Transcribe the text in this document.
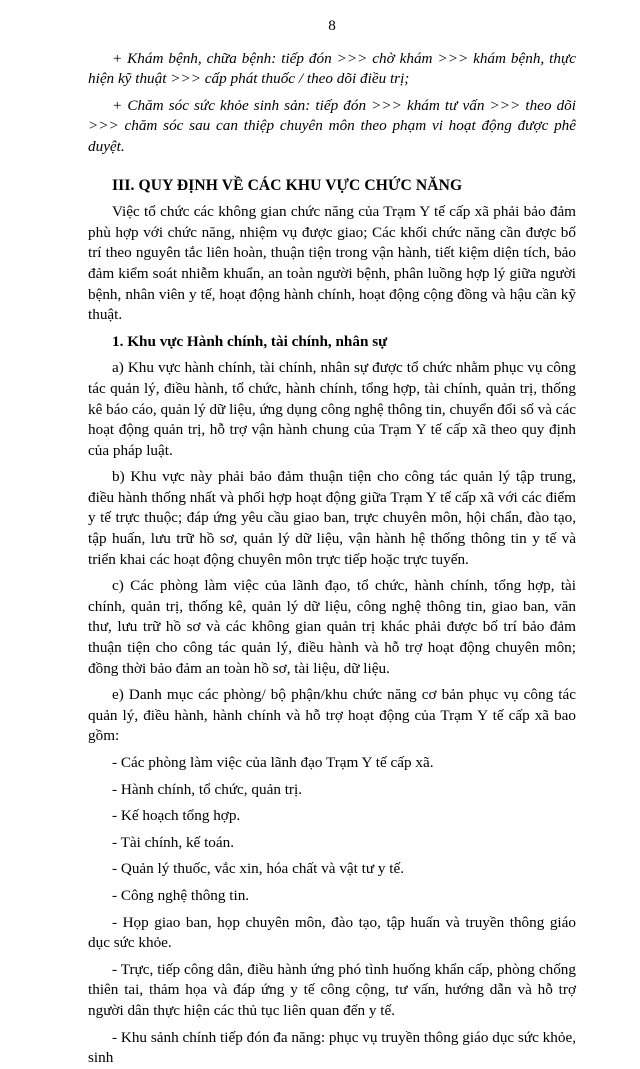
8

+ Khám bệnh, chữa bệnh: tiếp đón >>> chờ khám >>> khám bệnh, thực hiện kỹ thuật >>> cấp phát thuốc / theo dõi điều trị;

+ Chăm sóc sức khỏe sinh sản: tiếp đón >>> khám tư vấn >>> theo dõi >>> chăm sóc sau can thiệp chuyên môn theo phạm vi hoạt động được phê duyệt.

III. QUY ĐỊNH VỀ CÁC KHU VỰC CHỨC NĂNG

Việc tổ chức các không gian chức năng của Trạm Y tế cấp xã phải bảo đảm phù hợp với chức năng, nhiệm vụ được giao; Các khối chức năng cần được bố trí theo nguyên tắc liên hoàn, thuận tiện trong vận hành, tiết kiệm diện tích, bảo đảm kiểm soát nhiễm khuẩn, an toàn người bệnh, phân luồng hợp lý giữa người bệnh, nhân viên y tế, hoạt động hành chính, hoạt động cộng đồng và hậu cần kỹ thuật.

1. Khu vực Hành chính, tài chính, nhân sự

a) Khu vực hành chính, tài chính, nhân sự được tổ chức nhằm phục vụ công tác quản lý, điều hành, tổ chức, hành chính, tổng hợp, tài chính, quản trị, thống kê báo cáo, quản lý dữ liệu, ứng dụng công nghệ thông tin, chuyển đổi số và các hoạt động quản trị, hỗ trợ vận hành chung của Trạm Y tế cấp xã theo quy định của pháp luật.

b) Khu vực này phải bảo đảm thuận tiện cho công tác quản lý tập trung, điều hành thống nhất và phối hợp hoạt động giữa Trạm Y tế cấp xã với các điểm y tế trực thuộc; đáp ứng yêu cầu giao ban, trực chuyên môn, hội chẩn, đào tạo, tập huấn, lưu trữ hồ sơ, quản lý dữ liệu, vận hành hệ thống thông tin y tế và triển khai các hoạt động chuyên môn trực tiếp hoặc trực tuyến.

c) Các phòng làm việc của lãnh đạo, tổ chức, hành chính, tổng hợp, tài chính, quản trị, thống kê, quản lý dữ liệu, công nghệ thông tin, giao ban, văn thư, lưu trữ hồ sơ và các không gian quản trị khác phải được bố trí bảo đảm thuận tiện cho công tác quản lý, điều hành và hỗ trợ hoạt động chuyên môn; đồng thời bảo đảm an toàn hồ sơ, tài liệu, dữ liệu.

e) Danh mục các phòng/ bộ phận/khu chức năng cơ bản phục vụ công tác quản lý, điều hành, hành chính và hỗ trợ hoạt động của Trạm Y tế cấp xã bao gồm:

- Các phòng làm việc của lãnh đạo Trạm Y tế cấp xã.

- Hành chính, tổ chức, quản trị.

- Kế hoạch tổng hợp.

- Tài chính, kế toán.

- Quản lý thuốc, vắc xin, hóa chất và vật tư y tế.

- Công nghệ thông tin.

- Họp giao ban, họp chuyên môn, đào tạo, tập huấn và truyền thông giáo dục sức khỏe.

- Trực, tiếp công dân, điều hành ứng phó tình huống khẩn cấp, phòng chống thiên tai, thảm họa và đáp ứng y tế công cộng, tư vấn, hướng dẫn và hỗ trợ người dân thực hiện các thủ tục liên quan đến y tế.

- Khu sảnh chính tiếp đón đa năng: phục vụ truyền thông giáo dục sức khỏe, sinh
